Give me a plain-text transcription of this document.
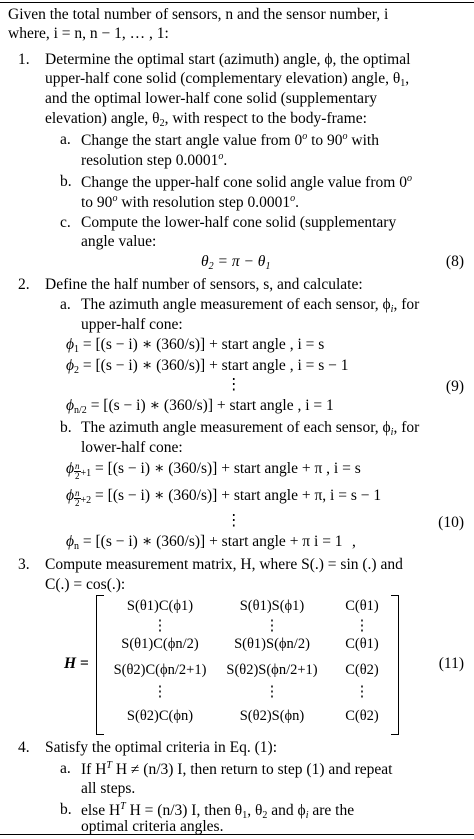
Given the total number of sensors, n and the sensor number, i
where, i = n, n − 1, … , 1:
1. Determine the optimal start (azimuth) angle, ϕ, the optimal
upper-half cone solid (complementary elevation) angle, $\theta_1$,
and the optimal lower-half cone solid (supplementary
elevation) angle, $\theta_2$, with respect to the body-frame:
a. Change the start angle value from 0$^o$ to 90$^o$ with
resolution step 0.0001$^o$.
b. Change the upper-half cone solid angle value from 0$^o$
to 90$^o$ with resolution step 0.0001$^o$.
c. Compute the lower-half cone solid (supplementary
angle value:
$\theta_2 = \pi - \theta_1$	(8)
2. Define the half number of sensors, s, and calculate:
a. The azimuth angle measurement of each sensor, $\phi_i$, for
upper-half cone:
$\phi_1 = [(s - i)$ ∗ (360/s)] + start angle , i = s
$\phi_2 = [(s - i)$ ∗ (360/s)] + start angle , i = s − 1
⋮	(9)
$\phi_{n/2} = [(s - i)$ ∗ (360/s)] + start angle , i = 1
b. The azimuth angle measurement of each sensor, $\phi_i$, for
lower-half cone:
ϕ $\frac{n}{2} _{+1} = [(s - i)$ ∗ (360/s)] + start angle + π , i = s
ϕ $\frac{n}{2} _{+2} = [(s - i)$ ∗ (360/s)] + start angle + π, i = s − 1
⋮	(10)
$\phi_n = [(s - i)$ ∗ (360/s)] + start angle + π i = 1 ,
3. Compute measurement matrix, H, where S(.) = sin (.) and
C(.) = cos(.):
H =
S(θ1)C(ϕ1)	S(θ1)S(ϕ1)	C(θ1)
⋮	⋮	⋮
S(θ1)C(ϕn/2)	S(θ1)S(ϕn/2)	C(θ1)
S(θ2)C(ϕn/2+1)	S(θ2)S(ϕn/2+1)	C(θ2)
⋮	⋮	⋮
S(θ2)C(ϕn)	S(θ2)S(ϕn)	C(θ2)
(11)
4. Satisfy the optimal criteria in Eq. (1):
a. If $H^T$ H ≠ (n/3) I, then return to step (1) and repeat
all steps.
b. else $H^T$ H = (n/3) I, then $\theta_1$, $\theta_2$ and $\phi_i$ are the
optimal criteria angles.
